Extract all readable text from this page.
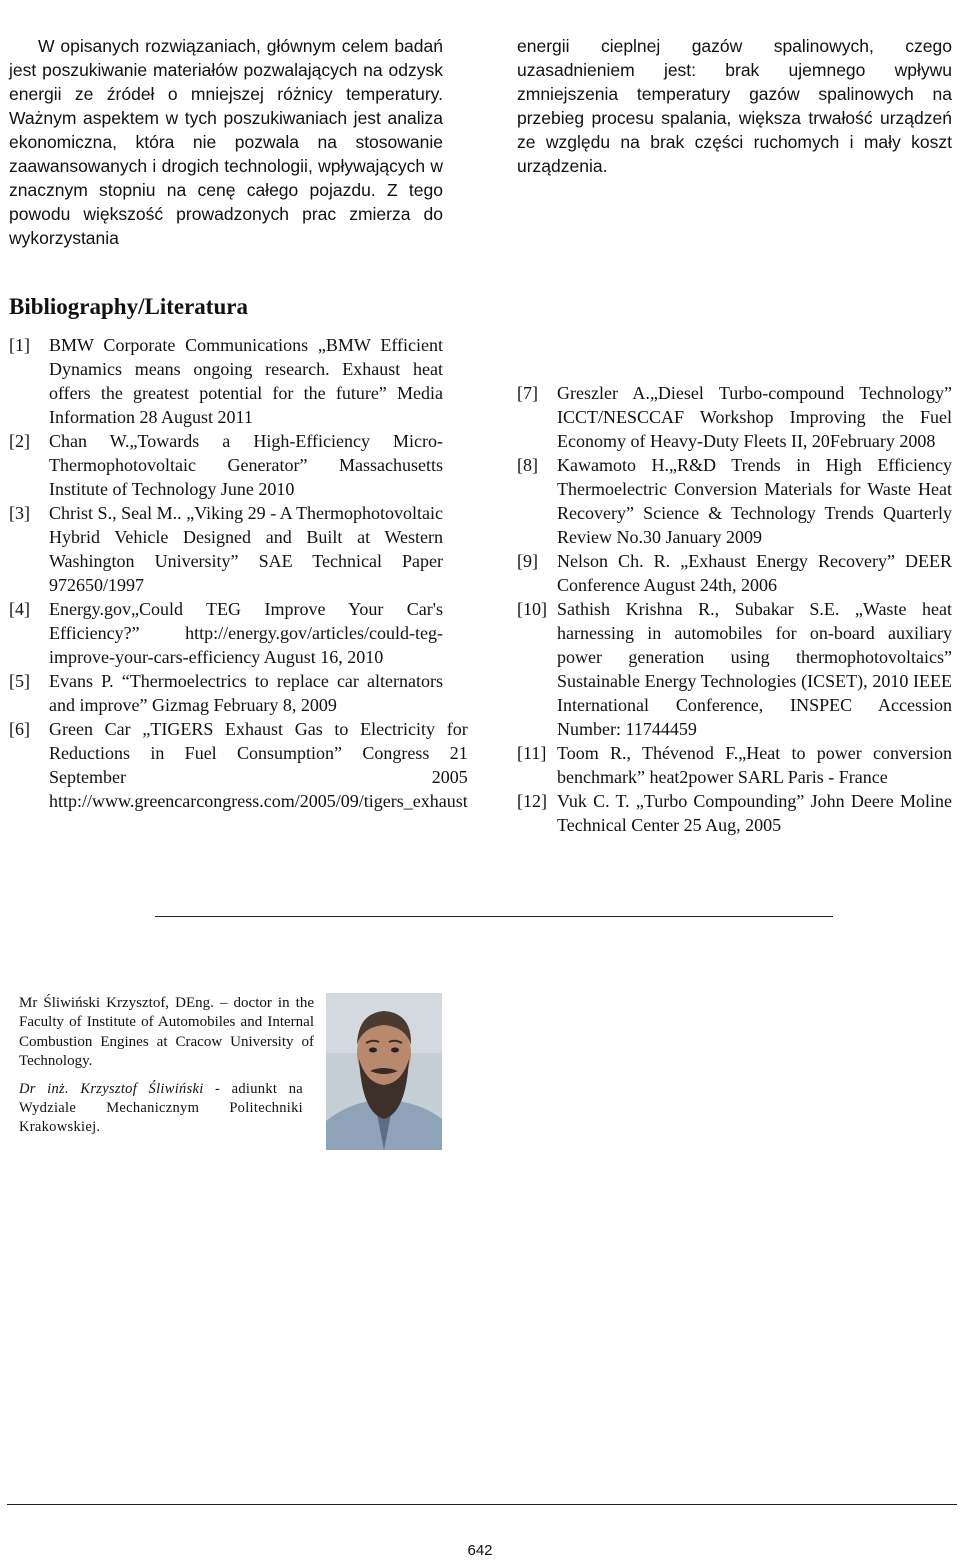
W opisanych rozwiązaniach, głównym celem badań jest poszukiwanie materiałów pozwalających na odzysk energii ze źródeł o mniejszej różnicy temperatury. Ważnym aspektem w tych poszukiwaniach jest analiza ekonomiczna, która nie pozwala na stosowanie zaawansowanych i drogich technologii, wpływających w znacznym stopniu na cenę całego pojazdu. Z tego powodu większość prowadzonych prac zmierza do wykorzystania

energii cieplnej gazów spalinowych, czego uzasadnieniem jest: brak ujemnego wpływu zmniejszenia temperatury gazów spalinowych na przebieg procesu spalania, większa trwałość urządzeń ze względu na brak części ruchomych i mały koszt urządzenia.

Bibliography/Literatura
[1]	BMW Corporate Communications „BMW Efficient Dynamics means ongoing research. Exhaust heat offers the greatest potential for the future” Media Information 28 August 2011
[2]	Chan W.„Towards a High-Efficiency Micro-Thermophotovoltaic Generator” Massachusetts Institute of Technology June 2010
[3]	Christ S., Seal M.. „Viking 29 - A Thermophotovoltaic Hybrid Vehicle Designed and Built at Western Washington University” SAE Technical Paper 972650/1997
[4]	Energy.gov„Could TEG Improve Your Car's Efficiency?” http://energy.gov/articles/could-teg-improve-your-cars-efficiency August 16, 2010
[5]	Evans P. “Thermoelectrics to replace car alternators and improve” Gizmag February 8, 2009
[6]	Green Car „TIGERS Exhaust Gas to Electricity for Reductions in Fuel Consumption” Congress 21 September 2005 http://www.greencarcongress.com/2005/09/tigers_exhaust
[7]	Greszler A.„Diesel Turbo-compound Technology” ICCT/NESCCAF Workshop Improving the Fuel Economy of Heavy-Duty Fleets II, 20February 2008
[8]	Kawamoto H.„R&D Trends in High Efficiency Thermoelectric Conversion Materials for Waste Heat Recovery” Science & Technology Trends Quarterly Review No.30 January 2009
[9]	Nelson Ch. R. „Exhaust Energy Recovery” DEER Conference August 24th, 2006
[10] Sathish Krishna R., Subakar S.E. „Waste heat harnessing in automobiles for on-board auxiliary power generation using thermophotovoltaics” Sustainable Energy Technologies (ICSET), 2010 IEEE International Conference, INSPEC Accession Number: 11744459
[11] Toom R., Thévenod F.„Heat to power conversion benchmark” heat2power SARL Paris - France
[12] Vuk C. T. „Turbo Compounding” John Deere Moline Technical Center 25 Aug, 2005

Mr Śliwiński Krzysztof, DEng. – doctor in the Faculty of Institute of Automobiles and Internal Combustion Engines at Cracow University of Technology.

Dr inż. Krzysztof Śliwiński - adiunkt na Wydziale Mechanicznym Politechniki Krakowskiej.

642
